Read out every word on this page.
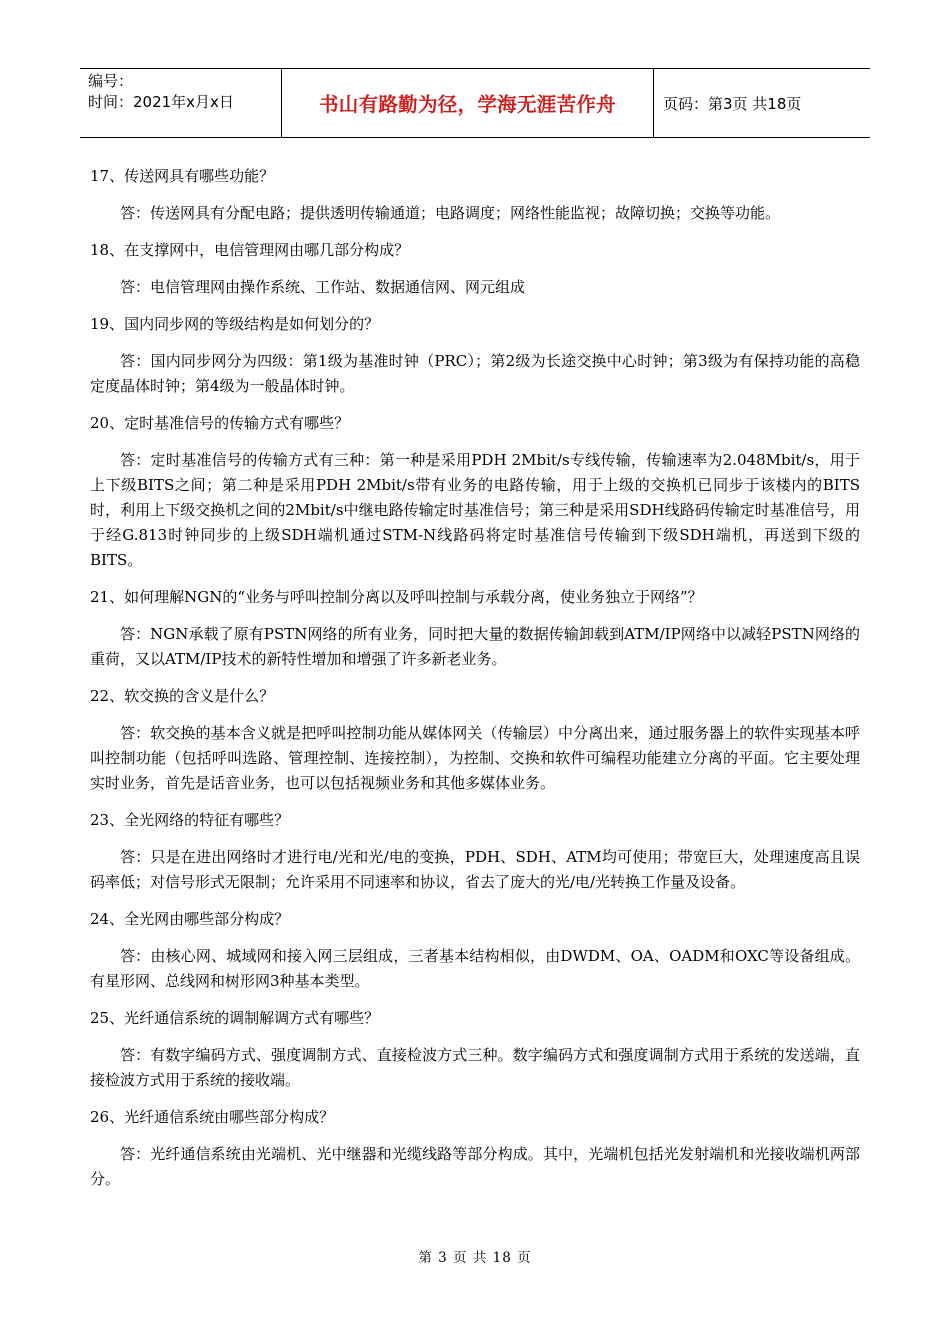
编号：
时间：2021年x月x日	书山有路勤为径，学海无涯苦作舟	页码：第3页 共18页

17、传送网具有哪些功能？

答：传送网具有分配电路；提供透明传输通道；电路调度；网络性能监视；故障切换；交换等功能。

18、在支撑网中，电信管理网由哪几部分构成？

答：电信管理网由操作系统、工作站、数据通信网、网元组成

19、国内同步网的等级结构是如何划分的？

答：国内同步网分为四级：第1级为基准时钟（PRC）；第2级为长途交换中心时钟；第3级为有保持功能的高稳定度晶体时钟；第4级为一般晶体时钟。

20、定时基准信号的传输方式有哪些？

答：定时基准信号的传输方式有三种：第一种是采用PDH 2Mbit/s专线传输，传输速率为2.048Mbit/s，用于上下级BITS之间；第二种是采用PDH 2Mbit/s带有业务的电路传输，用于上级的交换机已同步于该楼内的BITS时，利用上下级交换机之间的2Mbit/s中继电路传输定时基准信号；第三种是采用SDH线路码传输定时基准信号，用于经G.813时钟同步的上级SDH端机通过STM-N线路码将定时基准信号传输到下级SDH端机，再送到下级的BITS。

21、如何理解NGN的“业务与呼叫控制分离以及呼叫控制与承载分离，使业务独立于网络”？

答：NGN承载了原有PSTN网络的所有业务，同时把大量的数据传输卸载到ATM/IP网络中以减轻PSTN网络的重荷，又以ATM/IP技术的新特性增加和增强了许多新老业务。

22、软交换的含义是什么？

答：软交换的基本含义就是把呼叫控制功能从媒体网关（传输层）中分离出来，通过服务器上的软件实现基本呼叫控制功能（包括呼叫选路、管理控制、连接控制），为控制、交换和软件可编程功能建立分离的平面。它主要处理实时业务，首先是话音业务，也可以包括视频业务和其他多媒体业务。

23、全光网络的特征有哪些？

答：只是在进出网络时才进行电/光和光/电的变换，PDH、SDH、ATM均可使用；带宽巨大，处理速度高且误码率低；对信号形式无限制；允许采用不同速率和协议，省去了庞大的光/电/光转换工作量及设备。

24、全光网由哪些部分构成？

答：由核心网、城域网和接入网三层组成，三者基本结构相似，由DWDM、OA、OADM和OXC等设备组成。有星形网、总线网和树形网3种基本类型。

25、光纤通信系统的调制解调方式有哪些？

答：有数字编码方式、强度调制方式、直接检波方式三种。数字编码方式和强度调制方式用于系统的发送端，直接检波方式用于系统的接收端。

26、光纤通信系统由哪些部分构成？

答：光纤通信系统由光端机、光中继器和光缆线路等部分构成。其中，光端机包括光发射端机和光接收端机两部分。

第 3 页 共 18 页
